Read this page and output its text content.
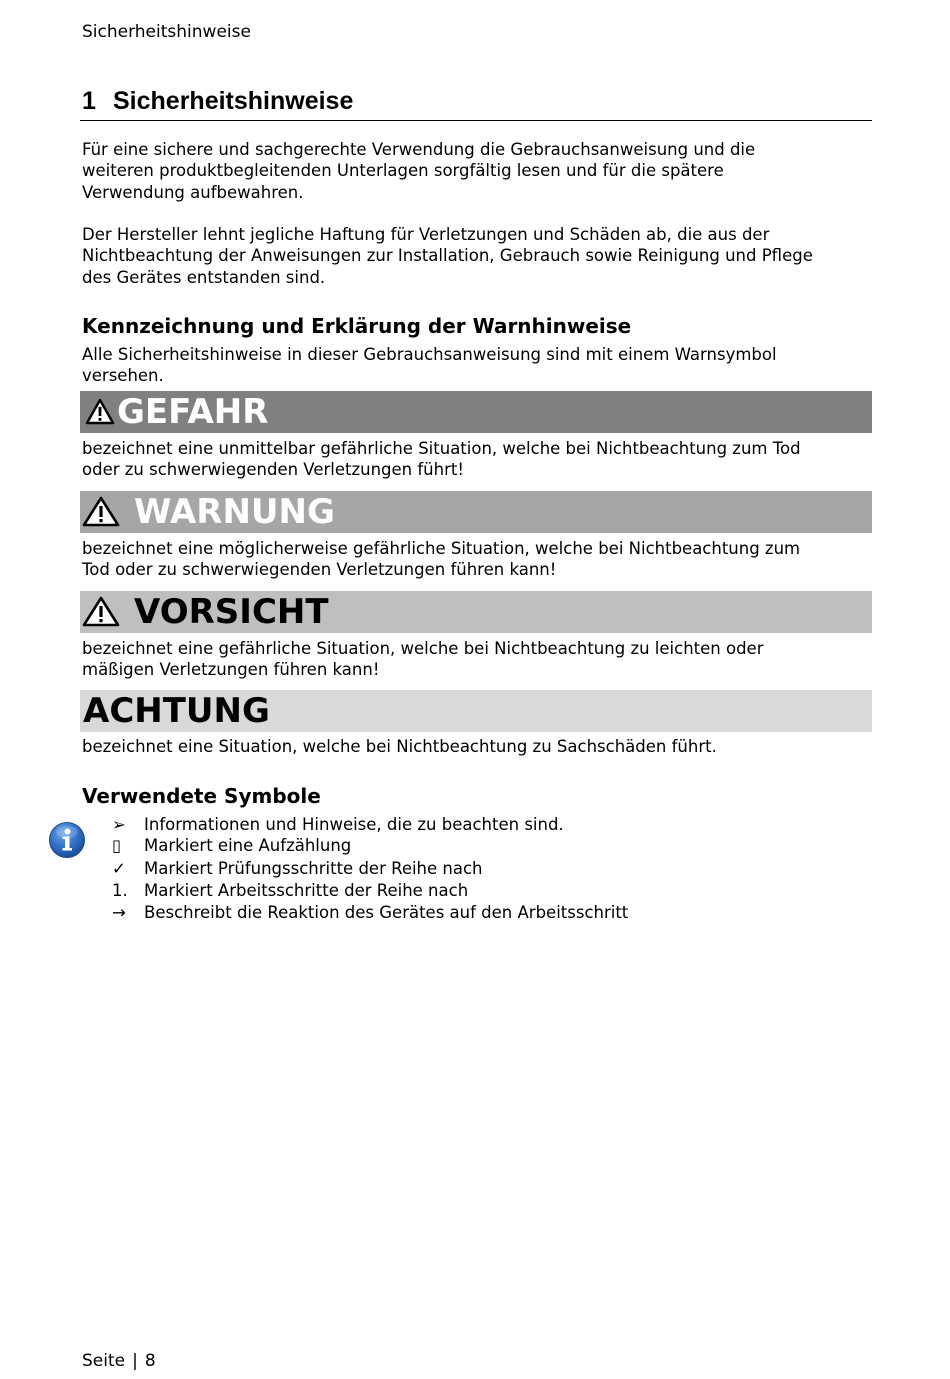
Sicherheitshinweise
1 Sicherheitshinweise
Für eine sichere und sachgerechte Verwendung die Gebrauchsanweisung und die
weiteren produktbegleitenden Unterlagen sorgfältig lesen und für die spätere
Verwendung aufbewahren.
Der Hersteller lehnt jegliche Haftung für Verletzungen und Schäden ab, die aus der
Nichtbeachtung der Anweisungen zur Installation, Gebrauch sowie Reinigung und Pflege
des Gerätes entstanden sind.
Kennzeichnung und Erklärung der Warnhinweise
Alle Sicherheitshinweise in dieser Gebrauchsanweisung sind mit einem Warnsymbol
versehen.
GEFAHR
bezeichnet eine unmittelbar gefährliche Situation, welche bei Nichtbeachtung zum Tod
oder zu schwerwiegenden Verletzungen führt!
WARNUNG
bezeichnet eine möglicherweise gefährliche Situation, welche bei Nichtbeachtung zum
Tod oder zu schwerwiegenden Verletzungen führen kann!
VORSICHT
bezeichnet eine gefährliche Situation, welche bei Nichtbeachtung zu leichten oder
mäßigen Verletzungen führen kann!
ACHTUNG
bezeichnet eine Situation, welche bei Nichtbeachtung zu Sachschäden führt.
Verwendete Symbole
➢	Informationen und Hinweise, die zu beachten sind.
▯	Markiert eine Aufzählung
✓	Markiert Prüfungsschritte der Reihe nach
1. Markiert Arbeitsschritte der Reihe nach
→	Beschreibt die Reaktion des Gerätes auf den Arbeitsschritt
Seite | 8
